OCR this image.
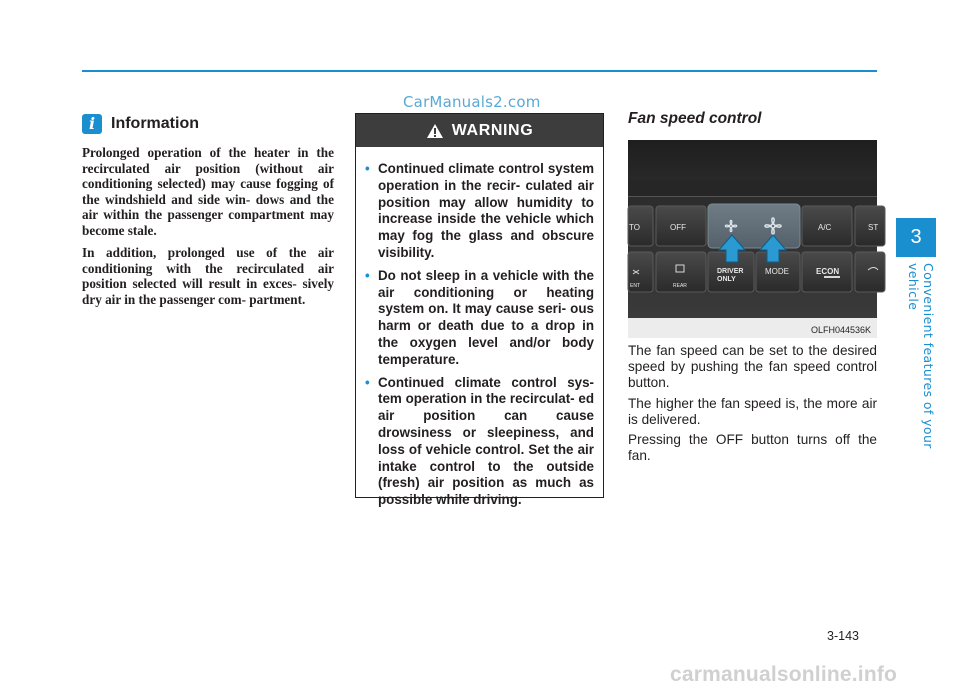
CarManuals2.com
i Information

Prolonged operation of the heater in the recirculated air position (without air conditioning selected) may cause fogging of the windshield and side win- dows and the air within the passenger compartment may become stale.

In addition, prolonged use of the air conditioning with the recirculated air position selected will result in exces- sively dry air in the passenger com- partment.

WARNING
• Continued climate control system operation in the recir- culated air position may allow humidity to increase inside the vehicle which may fog the glass and obscure visibility.
• Do not sleep in a vehicle with the air conditioning or heating system on. It may cause seri- ous harm or death due to a drop in the oxygen level and/or body temperature.
• Continued climate control sys- tem operation in the recirculat- ed air position can cause drowsiness or sleepiness, and loss of vehicle control. Set the air intake control to the outside (fresh) air position as much as possible while driving.
Fan speed control
TO	OFF	A/C	ST
ENT	REAR
DRIVER
ONLY
MODE	ECON
OLFH044536K

The fan speed can be set to the desired speed by pushing the fan speed control button.

The higher the fan speed is, the more air is delivered.

Pressing the OFF button turns off the fan.

3
Convenient features of your vehicle
3-143
carmanualsonline.info
